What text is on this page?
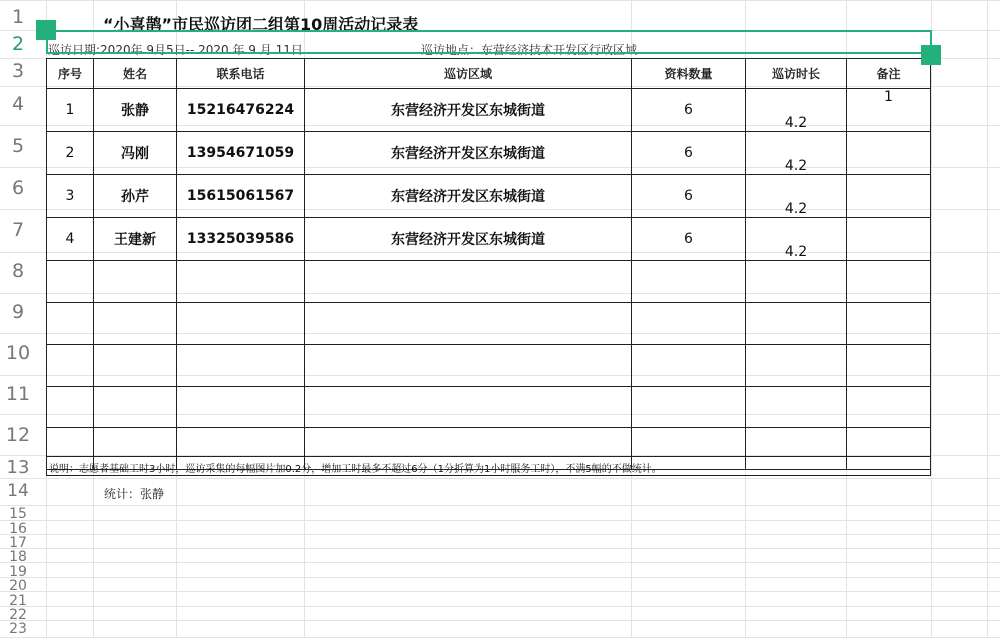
1
2
3
4
5
6
7
8
9
10
11
12
13
14
15
16
17
18
19
20
21
22
23
“小喜鹊”市民巡访团二组第10周活动记录表
巡访日期:2020年 9月5日-- 2020 年 9 月 11日	巡访地点：东营经济技术开发区行政区域
序号	姓名	联系电话	巡访区域	资料数量	巡访时长	备注
1	张静	15216476224	东营经济开发区东城街道	6	4.2	1
2	冯刚	13954671059	东营经济开发区东城街道	6	4.2	
3	孙芹	15615061567	东营经济开发区东城街道	6	4.2	
4	王建新	13325039586	东营经济开发区东城街道	6	4.2	

说明：志愿者基础工时3小时，巡访采集的每幅图片加0.2分，增加工时最多不超过6分（1分折算为1小时服务工时），不满5幅的不做统计。
统计：张静
